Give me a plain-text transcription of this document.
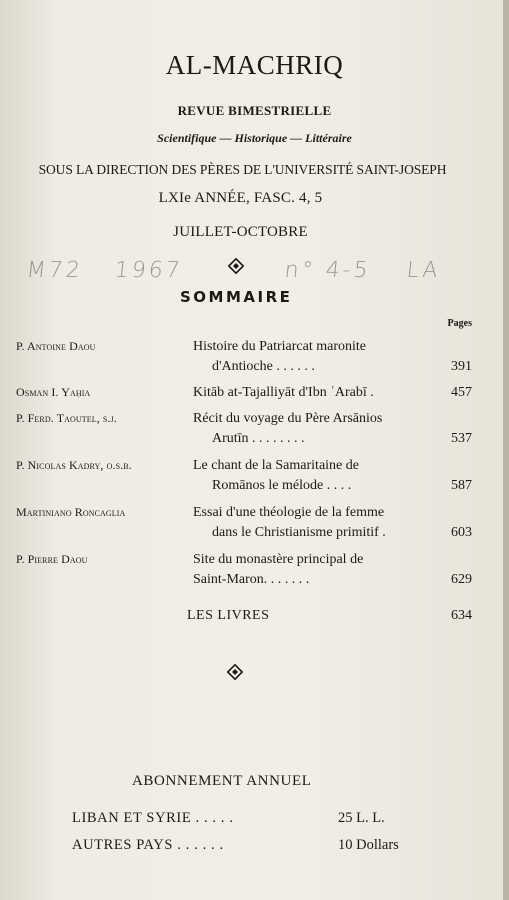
AL-MACHRIQ
REVUE BIMESTRIELLE
Scientifique — Historique — Littéraire
SOUS LA DIRECTION DES PÈRES DE L'UNIVERSITÉ SAINT-JOSEPH
LXIe ANNÉE, FASC. 4, 5
JUILLET-OCTOBRE
M72 1967	n° 4-5 LA
SOMMAIRE
Pages
P. Antoine Daou	Histoire du Patriarcat maronite
d'Antioche . . . . . .	391
Osman I. Yaḥia	Kitāb at-Tajalliyāt d'Ibn ʿArabī .	457
P. Ferd. Taoutel, s.j.	Récit du voyage du Père Arsānios
Arutīn . . . . . . . .	537
P. Nicolas Kadry, o.s.b.	Le chant de la Samaritaine de
Romānos le mélode . . . .	587
Martiniano Roncaglia	Essai d'une théologie de la femme
dans le Christianisme primitif .	603
P. Pierre Daou	Site du monastère principal de
Saint-Maron. . . . . . .	629
LES LIVRES	634
ABONNEMENT ANNUEL
LIBAN ET SYRIE . . . . .	25 L. L.
AUTRES PAYS . . . . . .	10 Dollars
